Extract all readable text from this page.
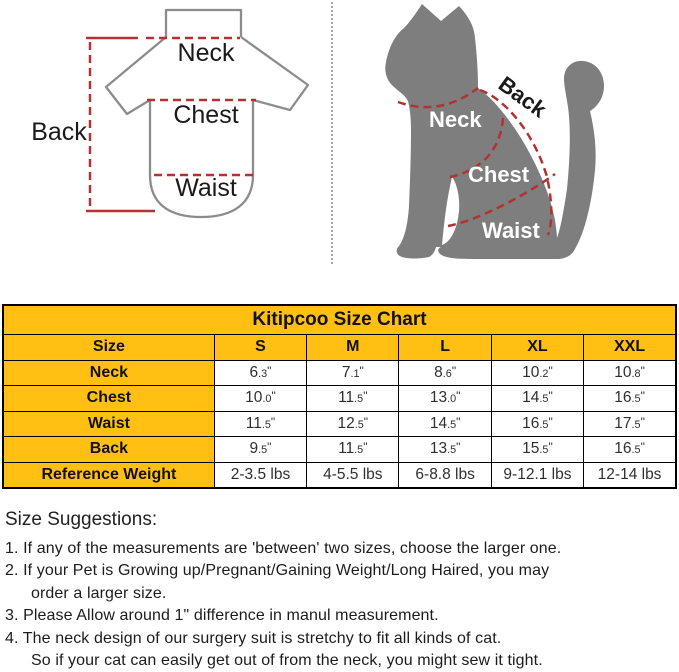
Back
Neck
Chest
Waist
Back
Neck
Chest
Waist
Kitipcoo Size Chart					
Size	S	M	L	XL	XXL
Neck	6.3"	7.1"	8.6"	10.2"	10.8"
Chest	10.0"	11.5"	13.0"	14.5"	16.5"
Waist	11.5"	12.5"	14.5"	16.5"	17.5"
Back	9.5"	11.5"	13.5"	15.5"	16.5"
Reference Weight	2-3.5 lbs	4-5.5 lbs	6-8.8 lbs	9-12.1 lbs	12-14 lbs
Size Suggestions:
1. If any of the measurements are 'between' two sizes, choose the larger one.
2. If your Pet is Growing up/Pregnant/Gaining Weight/Long Haired, you may
order a larger size.
3. Please Allow around 1" difference in manul measurement.
4. The neck design of our surgery suit is stretchy to fit all kinds of cat.
So if your cat can easily get out of from the neck, you might sew it tight.
